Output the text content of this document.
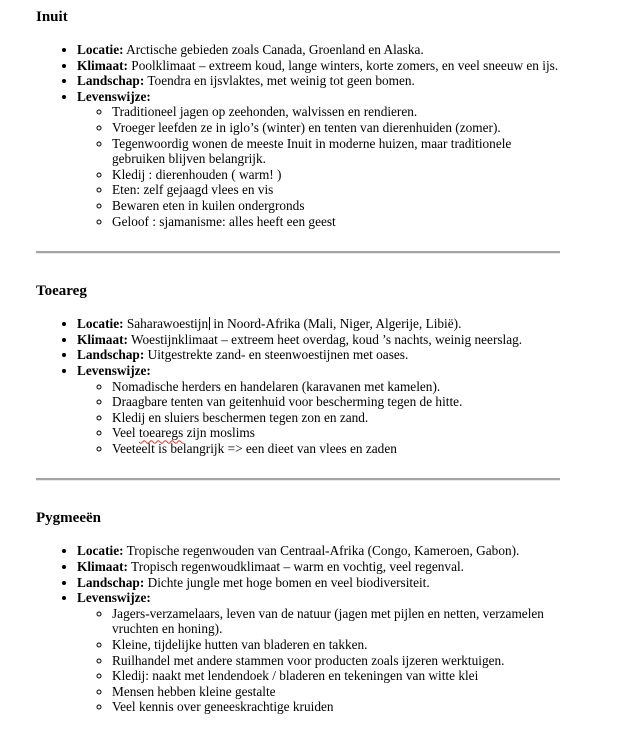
Inuit
• Locatie: Arctische gebieden zoals Canada, Groenland en Alaska.
• Klimaat: Poolklimaat – extreem koud, lange winters, korte zomers, en veel sneeuw en ijs.
• Landschap: Toendra en ijsvlaktes, met weinig tot geen bomen.
• Levenswijze:
◦ Traditioneel jagen op zeehonden, walvissen en rendieren.
◦ Vroeger leefden ze in iglo’s (winter) en tenten van dierenhuiden (zomer).
◦ Tegenwoordig wonen de meeste Inuit in moderne huizen, maar traditionele gebruiken blijven belangrijk.
◦ Kledij : dierenhouden ( warm! )
◦ Eten: zelf gejaagd vlees en vis
◦ Bewaren eten in kuilen ondergronds
◦ Geloof : sjamanisme: alles heeft een geest
Toeareg
• Locatie: Saharawoestijn in Noord-Afrika (Mali, Niger, Algerije, Libië).
• Klimaat: Woestijnklimaat – extreem heet overdag, koud ’s nachts, weinig neerslag.
• Landschap: Uitgestrekte zand- en steenwoestijnen met oases.
• Levenswijze:
◦ Nomadische herders en handelaren (karavanen met kamelen).
◦ Draagbare tenten van geitenhuid voor bescherming tegen de hitte.
◦ Kledij en sluiers beschermen tegen zon en zand.
◦ Veel toearegs zijn moslims
◦ Veeteelt is belangrijk => een dieet van vlees en zaden
Pygmeeën
• Locatie: Tropische regenwouden van Centraal-Afrika (Congo, Kameroen, Gabon).
• Klimaat: Tropisch regenwoudklimaat – warm en vochtig, veel regenval.
• Landschap: Dichte jungle met hoge bomen en veel biodiversiteit.
• Levenswijze:
◦ Jagers-verzamelaars, leven van de natuur (jagen met pijlen en netten, verzamelen vruchten en honing).
◦ Kleine, tijdelijke hutten van bladeren en takken.
◦ Ruilhandel met andere stammen voor producten zoals ijzeren werktuigen.
◦ Kledij: naakt met lendendoek / bladeren en tekeningen van witte klei
◦ Mensen hebben kleine gestalte
◦ Veel kennis over geneeskrachtige kruiden
